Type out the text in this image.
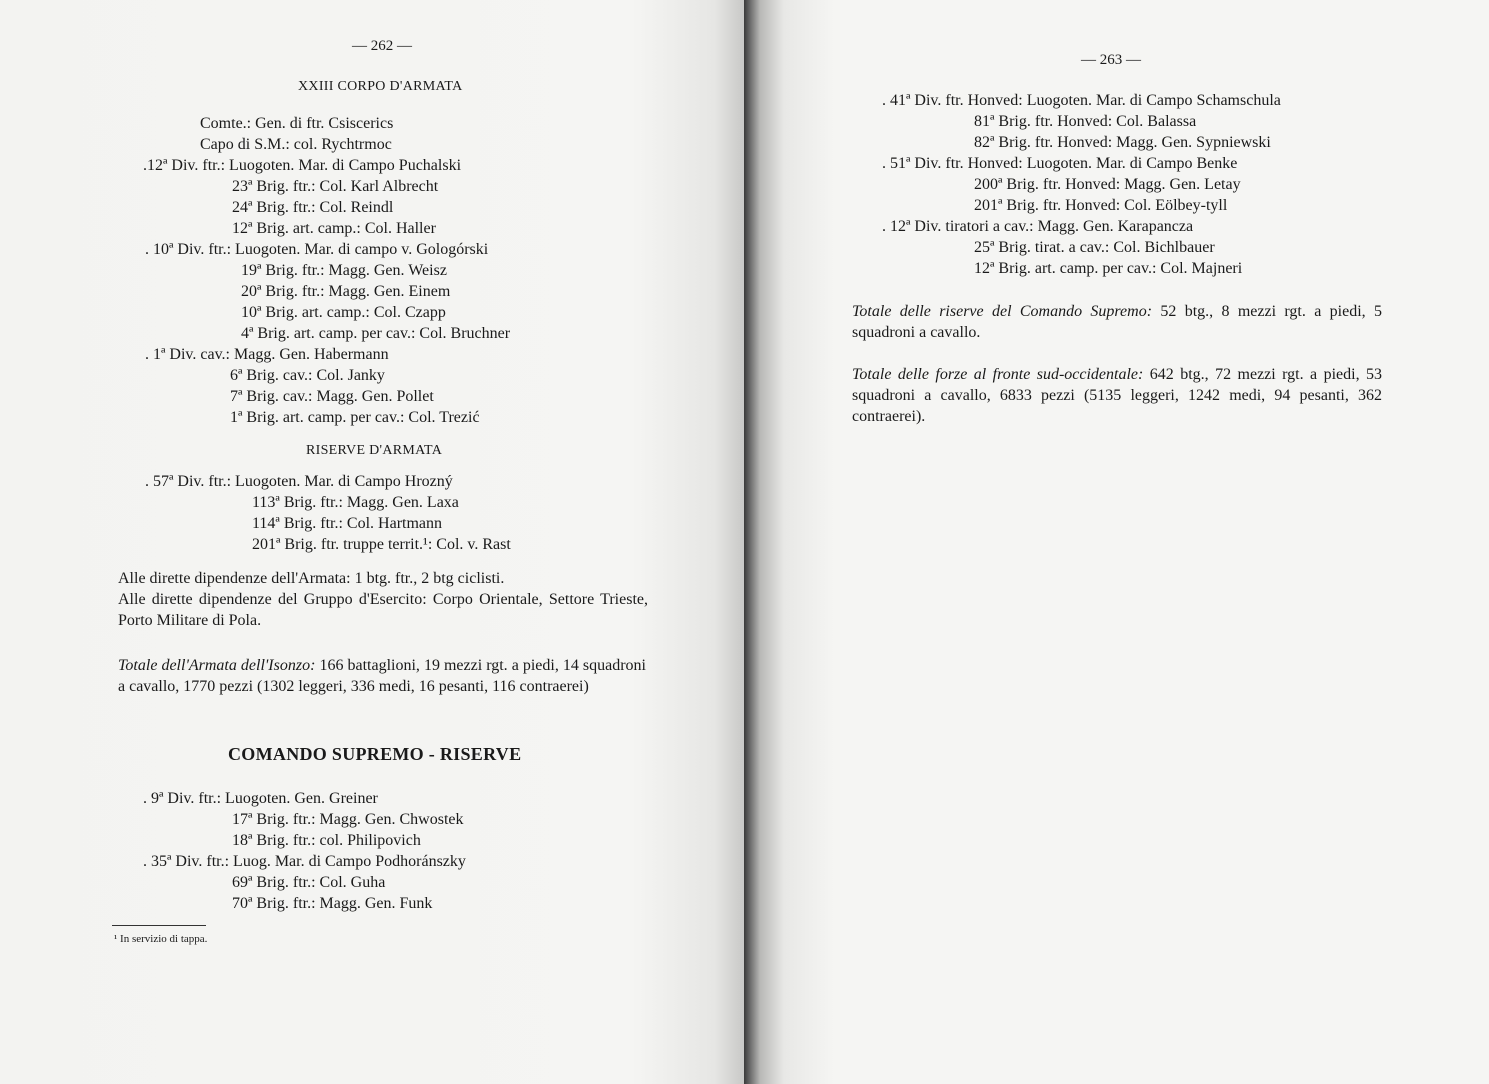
— 262 —
XXIII CORPO D'ARMATA
Comte.: Gen. di ftr. Csiscerics
Capo di S.M.: col. Rychtrmoc
.12ª Div. ftr.: Luogoten. Mar. di Campo Puchalski
23ª Brig. ftr.: Col. Karl Albrecht
24ª Brig. ftr.: Col. Reindl
12ª Brig. art. camp.: Col. Haller
. 10ª Div. ftr.: Luogoten. Mar. di campo v. Gologórski
19ª Brig. ftr.: Magg. Gen. Weisz
20ª Brig. ftr.: Magg. Gen. Einem
10ª Brig. art. camp.: Col. Czapp
4ª Brig. art. camp. per cav.: Col. Bruchner
. 1ª Div. cav.: Magg. Gen. Habermann
6ª Brig. cav.: Col. Janky
7ª Brig. cav.: Magg. Gen. Pollet
1ª Brig. art. camp. per cav.: Col. Trezić
RISERVE D'ARMATA
. 57ª Div. ftr.: Luogoten. Mar. di Campo Hrozný
113ª Brig. ftr.: Magg. Gen. Laxa
114ª Brig. ftr.: Col. Hartmann
201ª Brig. ftr. truppe territ.¹: Col. v. Rast
Alle dirette dipendenze dell'Armata: 1 btg. ftr., 2 btg ciclisti.
Alle dirette dipendenze del Gruppo d'Esercito: Corpo Orientale, Settore Trieste, Porto Militare di Pola.
Totale dell'Armata dell'Isonzo: 166 battaglioni, 19 mezzi rgt. a piedi, 14 squadroni a cavallo, 1770 pezzi (1302 leggeri, 336 medi, 16 pesanti, 116 contraerei)
COMANDO SUPREMO - RISERVE
. 9ª Div. ftr.: Luogoten. Gen. Greiner
17ª Brig. ftr.: Magg. Gen. Chwostek
18ª Brig. ftr.: col. Philipovich
. 35ª Div. ftr.: Luog. Mar. di Campo Podhoránszky
69ª Brig. ftr.: Col. Guha
70ª Brig. ftr.: Magg. Gen. Funk
¹ In servizio di tappa.
— 263 —
. 41ª Div. ftr. Honved: Luogoten. Mar. di Campo Schamschula
81ª Brig. ftr. Honved: Col. Balassa
82ª Brig. ftr. Honved: Magg. Gen. Sypniewski
. 51ª Div. ftr. Honved: Luogoten. Mar. di Campo Benke
200ª Brig. ftr. Honved: Magg. Gen. Letay
201ª Brig. ftr. Honved: Col. Eölbey-tyll
. 12ª Div. tiratori a cav.: Magg. Gen. Karapancza
25ª Brig. tirat. a cav.: Col. Bichlbauer
12ª Brig. art. camp. per cav.: Col. Majneri
Totale delle riserve del Comando Supremo: 52 btg., 8 mezzi rgt. a piedi, 5 squadroni a cavallo.
Totale delle forze al fronte sud-occidentale: 642 btg., 72 mezzi rgt. a piedi, 53 squadroni a cavallo, 6833 pezzi (5135 leggeri, 1242 medi, 94 pesanti, 362 contraerei).
